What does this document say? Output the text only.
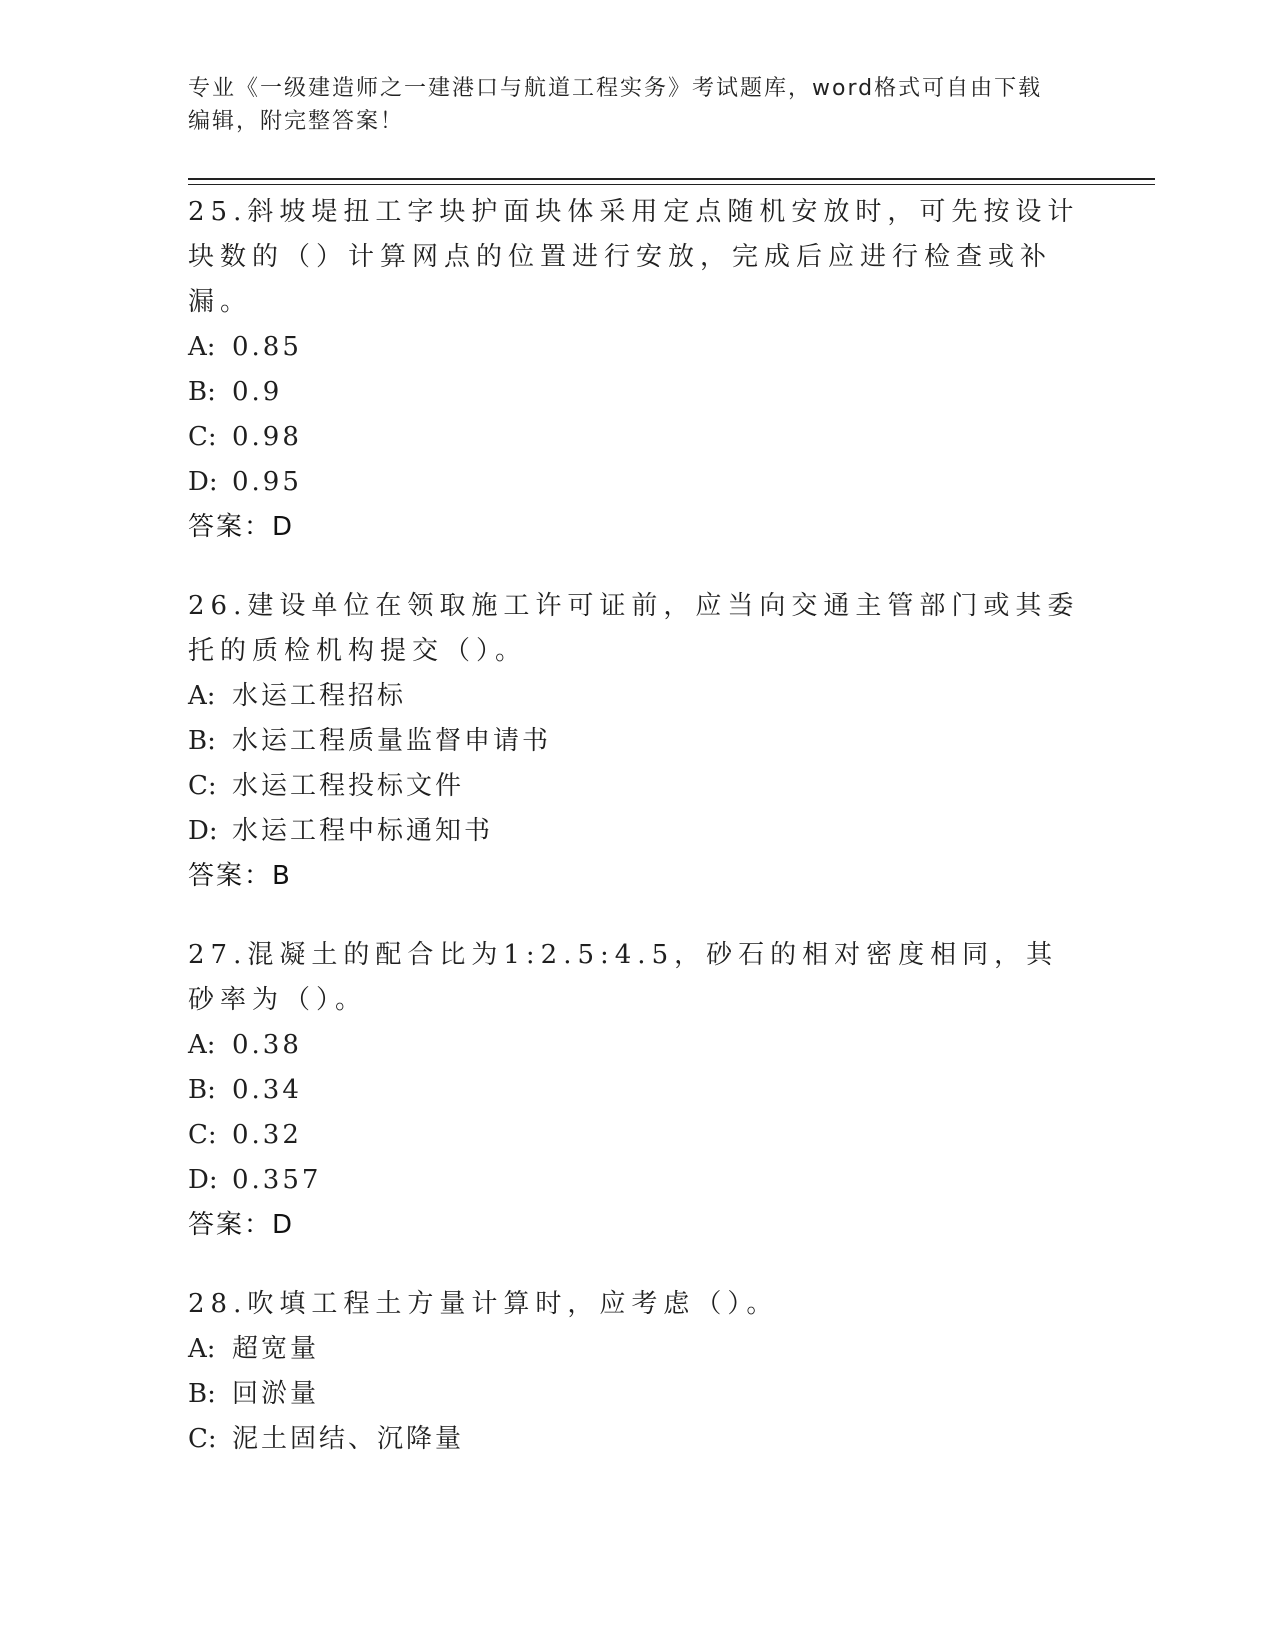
专业《一级建造师之一建港口与航道工程实务》考试题库，word格式可自由下载
编辑，附完整答案！
25.斜坡堤扭工字块护面块体采用定点随机安放时，可先按设计块数的（）计算网点的位置进行安放，完成后应进行检查或补漏。
A: 0.85
B: 0.9
C: 0.98
D: 0.95
答案：D
26.建设单位在领取施工许可证前，应当向交通主管部门或其委托的质检机构提交（）。
A: 水运工程招标
B: 水运工程质量监督申请书
C: 水运工程投标文件
D: 水运工程中标通知书
答案：B
27.混凝土的配合比为1:2.5:4.5，砂石的相对密度相同，其砂率为（）。
A: 0.38
B: 0.34
C: 0.32
D: 0.357
答案：D
28.吹填工程土方量计算时，应考虑（）。
A: 超宽量
B: 回淤量
C: 泥土固结、沉降量
